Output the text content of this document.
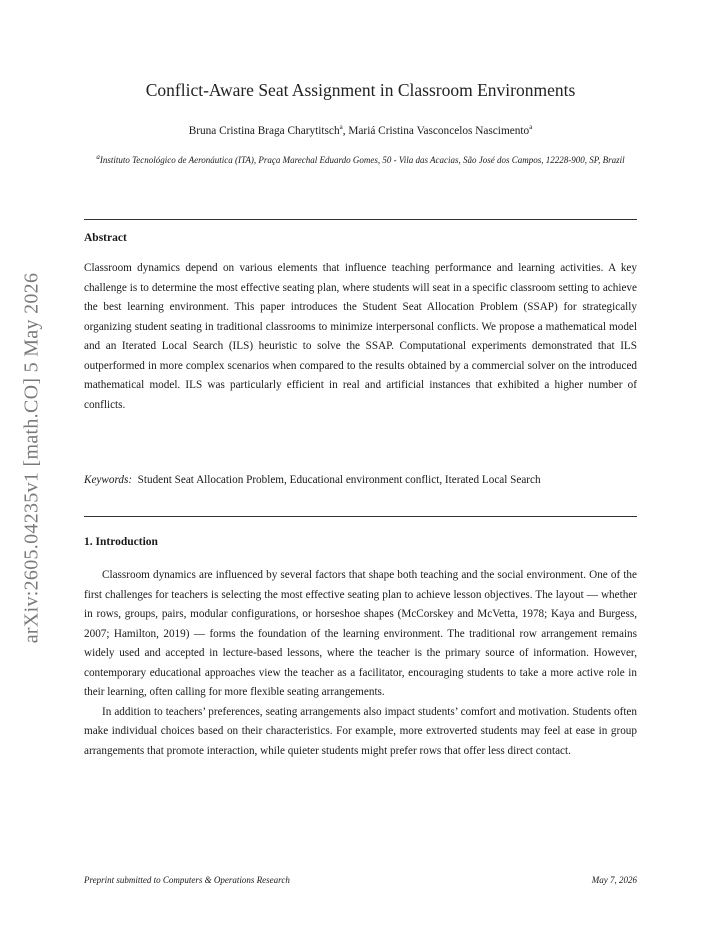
arXiv:2605.04235v1 [math.CO] 5 May 2026
Conflict-Aware Seat Assignment in Classroom Environments
Bruna Cristina Braga Charytitsch$^a$, Mariá Cristina Vasconcelos Nascimento$^a$
$^a$Instituto Tecnológico de Aeronáutica (ITA), Praça Marechal Eduardo Gomes, 50 - Vila das Acacias, São José dos Campos, 12228-900, SP, Brazil
Abstract
Classroom dynamics depend on various elements that influence teaching performance and learning activities. A key challenge is to determine the most effective seating plan, where students will seat in a specific classroom setting to achieve the best learning environment. This paper introduces the Student Seat Allocation Problem (SSAP) for strategically organizing student seating in traditional classrooms to minimize interpersonal conflicts. We propose a mathematical model and an Iterated Local Search (ILS) heuristic to solve the SSAP. Computational experiments demonstrated that ILS outperformed in more complex scenarios when compared to the results obtained by a commercial solver on the introduced mathematical model. ILS was particularly efficient in real and artificial instances that exhibited a higher number of conflicts.
Keywords: Student Seat Allocation Problem, Educational environment conflict, Iterated Local Search
1. Introduction

Classroom dynamics are influenced by several factors that shape both teaching and the social environment. One of the first challenges for teachers is selecting the most effective seating plan to achieve lesson objectives. The layout — whether in rows, groups, pairs, modular configurations, or horseshoe shapes (McCorskey and McVetta, 1978; Kaya and Burgess, 2007; Hamilton, 2019) — forms the foundation of the learning environment. The traditional row arrangement remains widely used and accepted in lecture-based lessons, where the teacher is the primary source of information. However, contemporary educational approaches view the teacher as a facilitator, encouraging students to take a more active role in their learning, often calling for more flexible seating arrangements.

In addition to teachers’ preferences, seating arrangements also impact students’ comfort and motivation. Students often make individual choices based on their characteristics. For example, more extroverted students may feel at ease in group arrangements that promote interaction, while quieter students might prefer rows that offer less direct contact.

Preprint submitted to Computers & Operations Research	May 7, 2026
